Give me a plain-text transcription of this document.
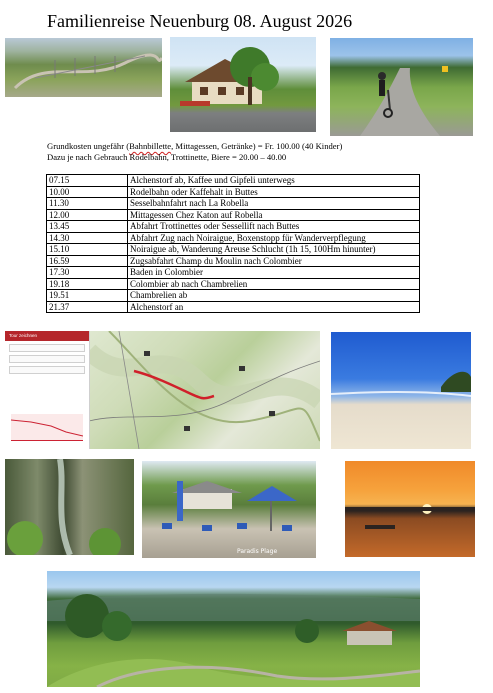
Familienreise Neuenburg 08. August 2026
Grundkosten ungefähr (Bahnbillette, Mittagessen, Getränke) = Fr. 100.00 (40 Kinder)
Dazu je nach Gebrauch Rodelbahn, Trottinette, Biere = 20.00 – 40.00
07.15	Alchenstorf ab, Kaffee und Gipfeli unterwegs
10.00	Rodelbahn oder Kaffehalt in Buttes
11.30	Sesselbahnfahrt nach La Robella
12.00	Mittagessen Chez Katon auf Robella
13.45	Abfahrt Trottinettes oder Sessellift nach Buttes
14.30	Abfahrt Zug nach Noiraigue, Boxenstopp für Wanderverpflegung
15.10	Noiraigue ab, Wanderung Areuse Schlucht (1h 15, 100Hm hinunter)
16.59	Zugsabfahrt Champ du Moulin nach Colombier
17.30	Baden in Colombier
19.18	Colombier ab nach Chambrelien
19.51	Chambrelien ab
21.37	Alchenstorf an
Tour zeichnen
Paradis Plage
